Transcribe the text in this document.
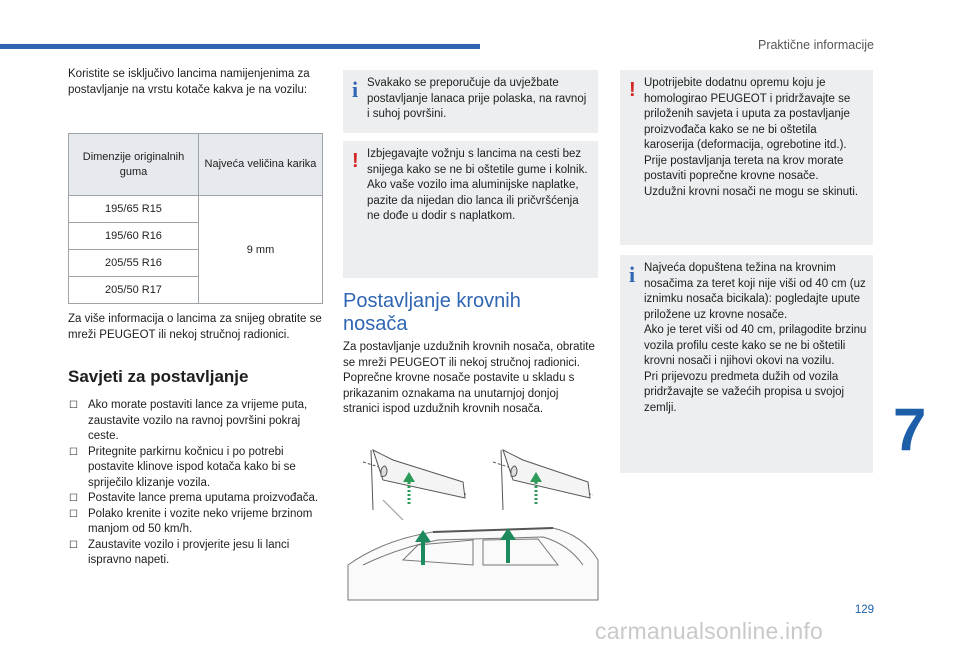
Praktične informacije

Koristite se isključivo lancima namijenjenima za postavljanje na vrstu kotače kakva je na vozilu:

Dimenzije originalnih guma	Najveća veličina karika
195/65 R15	9 mm
195/60 R16	
205/55 R16	
205/50 R17	

Za više informacija o lancima za snijeg obratite se mreži PEUGEOT ili nekoj stručnoj radionici.

Savjeti za postavljanje
☐ Ako morate postaviti lance za vrijeme puta, zaustavite vozilo na ravnoj površini pokraj ceste.
☐ Pritegnite parkirnu kočnicu i po potrebi postavite klinove ispod kotača kako bi se spriječilo klizanje vozila.
☐ Postavite lance prema uputama proizvođača.
☐ Polako krenite i vozite neko vrijeme brzinom manjom od 50 km/h.
☐ Zaustavite vozilo i provjerite jesu li lanci ispravno napeti.
i Svakako se preporučuje da uvježbate postavljanje lanaca prije polaska, na ravnoj i suhoj površini.

! Izbjegavajte vožnju s lancima na cesti bez snijega kako se ne bi oštetile gume i kolnik. Ako vaše vozilo ima aluminijske naplatke, pazite da nijedan dio lanca ili pričvršćenja ne dođe u dodir s naplatkom.

Postavljanje krovnih nosača

Za postavljanje uzdužnih krovnih nosača, obratite se mreži PEUGEOT ili nekoj stručnoj radionici.
Poprečne krovne nosače postavite u skladu s prikazanim oznakama na unutarnjoj donjoj stranici ispod uzdužnih krovnih nosača.

! Upotrijebite dodatnu opremu koju je homologirao PEUGEOT i pridržavajte se priloženih savjeta i uputa za postavljanje proizvođača kako se ne bi oštetila karoserija (deformacija, ogrebotine itd.).
Prije postavljanja tereta na krov morate postaviti poprečne krovne nosače.
Uzdužni krovni nosači ne mogu se skinuti.

i Najveća dopuštena težina na krovnim nosačima za teret koji nije viši od 40 cm (uz iznimku nosača bicikala): pogledajte upute priložene uz krovne nosače.
Ako je teret viši od 40 cm, prilagodite brzinu vozila profilu ceste kako se ne bi oštetili krovni nosači i njihovi okovi na vozilu.
Pri prijevozu predmeta dužih od vozila pridržavajte se važećih propisa u svojoj zemlji.	7
129
carmanualsonline.info
